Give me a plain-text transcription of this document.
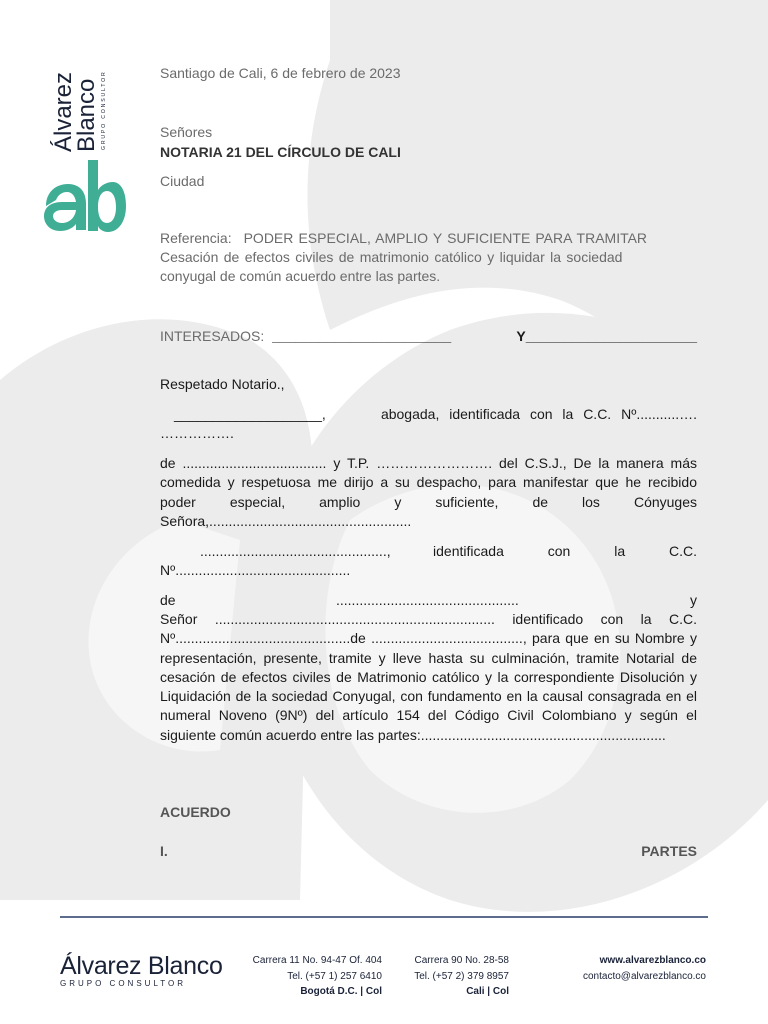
Álvarez
Blanco GRUPO CONSULTOR	Santiago de Cali, 6 de febrero de 2023
Señores
NOTARIA 21 DEL CÍRCULO DE CALI
Ciudad
Referencia: PODER ESPECIAL, AMPLIO Y SUFICIENTE PARA TRAMITAR
Cesación de efectos civiles de matrimonio católico y liquidar la sociedad
conyugal de común acuerdo entre las partes.
INTERESADOS: _______________________	Y______________________
Respetado Notario.,
___________________,	abogada, identificada con la C.C. Nº...........….
…………….
de ..................................... y T.P. ……………………. del C.S.J., De la manera más comedida y respetuosa me dirijo a su despacho, para manifestar que he recibido poder especial, amplio y suficiente, de los Cónyuges Señora,....................................................
................................................,	identificada con la C.C.
Nº.............................................
de	...............................................	y
Señor ........................................................................ identificado con la C.C. Nº.............................................de ......................................., para que en su Nombre y representación, presente, tramite y lleve hasta su culminación, tramite Notarial de cesación de efectos civiles de Matrimonio católico y la correspondiente Disolución y Liquidación de la sociedad Conyugal, con fundamento en la causal consagrada en el numeral Noveno (9Nº) del artículo 154 del Código Civil Colombiano y según el siguiente común acuerdo entre las partes:...............................................................
ACUERDO
I.	PARTES
Álvarez Blanco
GRUPO CONSULTOR
Carrera 11 No. 94-47 Of. 404
Tel. (+57 1) 257 6410
Bogotá D.C. | Col
Carrera 90 No. 28-58
Tel. (+57 2) 379 8957
Cali | Col
www.alvarezblanco.co
contacto@alvarezblanco.co
